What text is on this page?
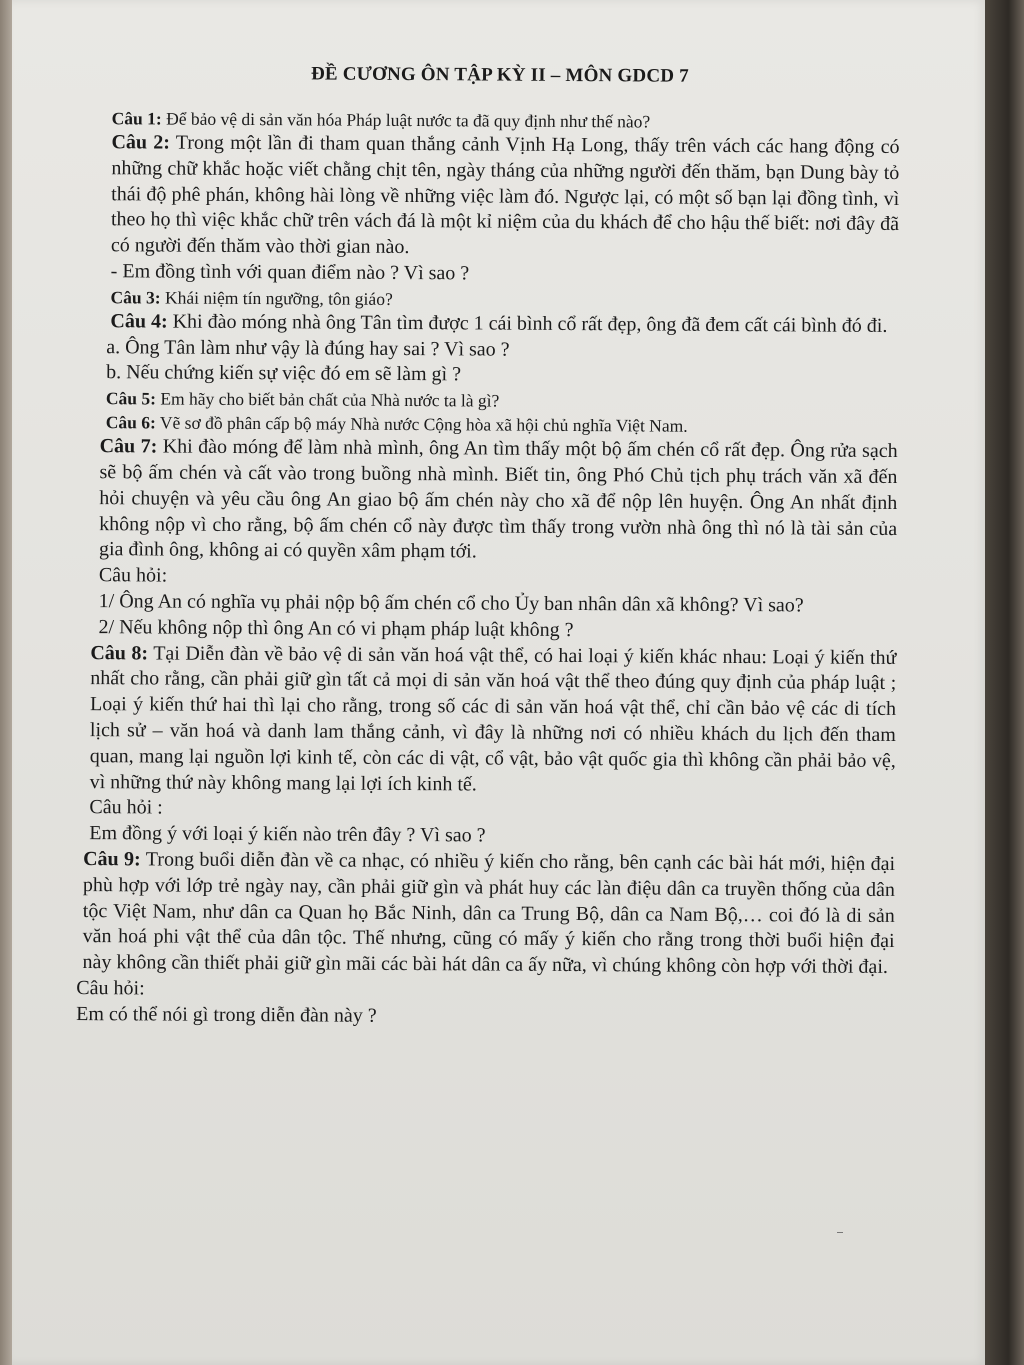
ĐỀ CƯƠNG ÔN TẬP KỲ II – MÔN GDCD 7

Câu 1: Để bảo vệ di sản văn hóa Pháp luật nước ta đã quy định như thế nào?

Câu 2: Trong một lần đi tham quan thắng cảnh Vịnh Hạ Long, thấy trên vách các hang động có những chữ khắc hoặc viết chằng chịt tên, ngày tháng của những người đến thăm, bạn Dung bày tỏ thái độ phê phán, không hài lòng về những việc làm đó. Ngược lại, có một số bạn lại đồng tình, vì theo họ thì việc khắc chữ trên vách đá là một kỉ niệm của du khách để cho hậu thế biết: nơi đây đã có người đến thăm vào thời gian nào.

- Em đồng tình với quan điểm nào ? Vì sao ?

Câu 3: Khái niệm tín ngưỡng, tôn giáo?

Câu 4: Khi đào móng nhà ông Tân tìm được 1 cái bình cổ rất đẹp, ông đã đem cất cái bình đó đi.

a. Ông Tân làm như vậy là đúng hay sai ? Vì sao ?

b. Nếu chứng kiến sự việc đó em sẽ làm gì ?

Câu 5: Em hãy cho biết bản chất của Nhà nước ta là gì?

Câu 6: Vẽ sơ đồ phân cấp bộ máy Nhà nước Cộng hòa xã hội chủ nghĩa Việt Nam.

Câu 7: Khi đào móng để làm nhà mình, ông An tìm thấy một bộ ấm chén cổ rất đẹp. Ông rửa sạch sẽ bộ ấm chén và cất vào trong buồng nhà mình. Biết tin, ông Phó Chủ tịch phụ trách văn xã đến hỏi chuyện và yêu cầu ông An giao bộ ấm chén này cho xã để nộp lên huyện. Ông An nhất định không nộp vì cho rằng, bộ ấm chén cổ này được tìm thấy trong vườn nhà ông thì nó là tài sản của gia đình ông, không ai có quyền xâm phạm tới.

Câu hỏi:

1/ Ông An có nghĩa vụ phải nộp bộ ấm chén cổ cho Ủy ban nhân dân xã không? Vì sao?

2/ Nếu không nộp thì ông An có vi phạm pháp luật không ?

Câu 8: Tại Diễn đàn về bảo vệ di sản văn hoá vật thể, có hai loại ý kiến khác nhau: Loại ý kiến thứ nhất cho rằng, cần phải giữ gìn tất cả mọi di sản văn hoá vật thể theo đúng quy định của pháp luật ; Loại ý kiến thứ hai thì lại cho rằng, trong số các di sản văn hoá vật thể, chỉ cần bảo vệ các di tích lịch sử – văn hoá và danh lam thắng cảnh, vì đây là những nơi có nhiều khách du lịch đến tham quan, mang lại nguồn lợi kinh tế, còn các di vật, cổ vật, bảo vật quốc gia thì không cần phải bảo vệ, vì những thứ này không mang lại lợi ích kinh tế.

Câu hỏi :

Em đồng ý với loại ý kiến nào trên đây ? Vì sao ?

Câu 9: Trong buổi diễn đàn về ca nhạc, có nhiều ý kiến cho rằng, bên cạnh các bài hát mới, hiện đại phù hợp với lớp trẻ ngày nay, cần phải giữ gìn và phát huy các làn điệu dân ca truyền thống của dân tộc Việt Nam, như dân ca Quan họ Bắc Ninh, dân ca Trung Bộ, dân ca Nam Bộ,… coi đó là di sản văn hoá phi vật thể của dân tộc. Thế nhưng, cũng có mấy ý kiến cho rằng trong thời buổi hiện đại này không cần thiết phải giữ gìn mãi các bài hát dân ca ấy nữa, vì chúng không còn hợp với thời đại.

Câu hỏi:

Em có thể nói gì trong diễn đàn này ?
